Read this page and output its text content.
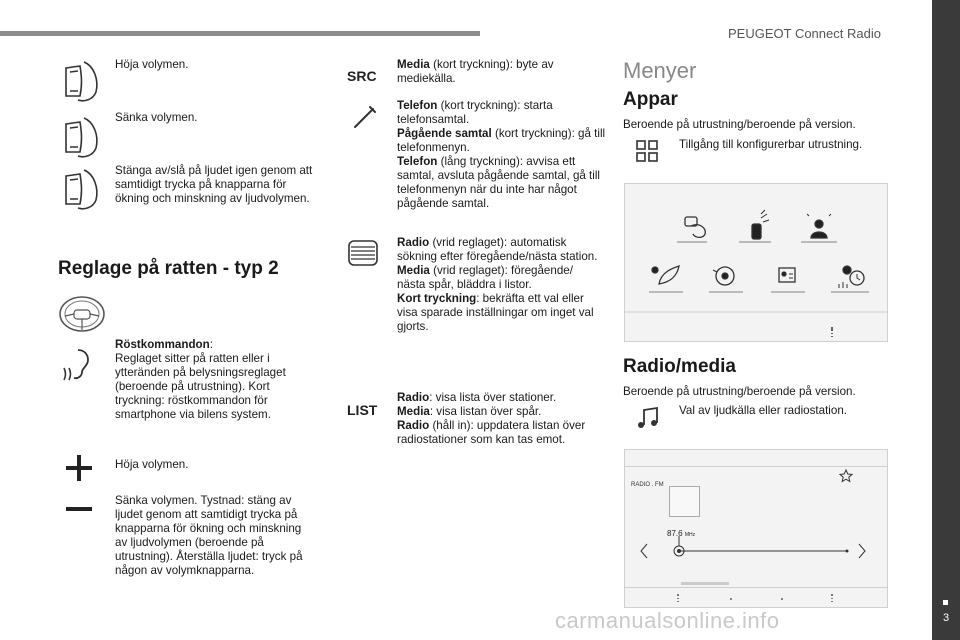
PEUGEOT Connect Radio
3
Höja volymen.
Sänka volymen.
Stänga av/slå på ljudet igen genom att samtidigt trycka på knapparna för ökning och minskning av ljudvolymen.
Reglage på ratten - typ 2
Röstkommandon:
Reglaget sitter på ratten eller i ytteränden på belysningsreglaget (beroende på utrustning). Kort tryckning: röstkommandon för smartphone via bilens system.
Höja volymen.
Sänka volymen. Tystnad: stäng av ljudet genom att samtidigt trycka på knapparna för ökning och minskning av ljudvolymen (beroende på utrustning). Återställa ljudet: tryck på någon av volymknapparna.
SRC
Media (kort tryckning): byte av mediekälla.
Telefon (kort tryckning): starta telefonsamtal.
Pågående samtal (kort tryckning): gå till telefonmenyn.
Telefon (lång tryckning): avvisa ett samtal, avsluta pågående samtal, gå till telefonmenyn när du inte har något pågående samtal.
Radio (vrid reglaget): automatisk sökning efter föregående/nästa station.
Media (vrid reglaget): föregående/ nästa spår, bläddra i listor.
Kort tryckning: bekräfta ett val eller visa sparade inställningar om inget val gjorts.
LIST
Radio: visa lista över stationer.
Media: visa listan över spår.
Radio (håll in): uppdatera listan över radiostationer som kan tas emot.
Menyer
Appar
Beroende på utrustning/beroende på version.
Tillgång till konfigurerbar utrustning.
Radio/media
Beroende på utrustning/beroende på version.
Val av ljudkälla eller radiostation.
RADIO . FM
87.6 MHz
carmanualsonline.info
